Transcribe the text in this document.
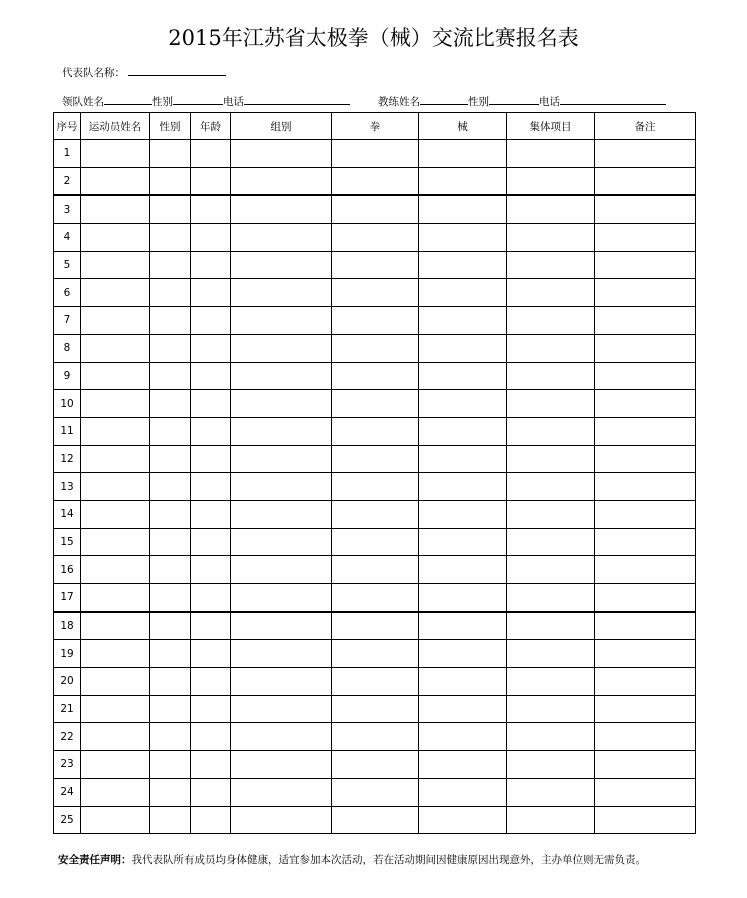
2015年江苏省太极拳（械）交流比赛报名表
代表队名称：
领队姓名	性别	电话	教练姓名	性别	电话
序号	运动员姓名	性别	年龄	组别	拳	械	集体项目	备注
1								
2								
3								
4								
5								
6								
7								
8								
9								
10								
11								
12								
13								
14								
15								
16								
17								
18								
19								
20								
21								
22								
23								
24								
25								
安全责任声明：我代表队所有成员均身体健康，适宜参加本次活动，若在活动期间因健康原因出现意外，主办单位则无需负责。
